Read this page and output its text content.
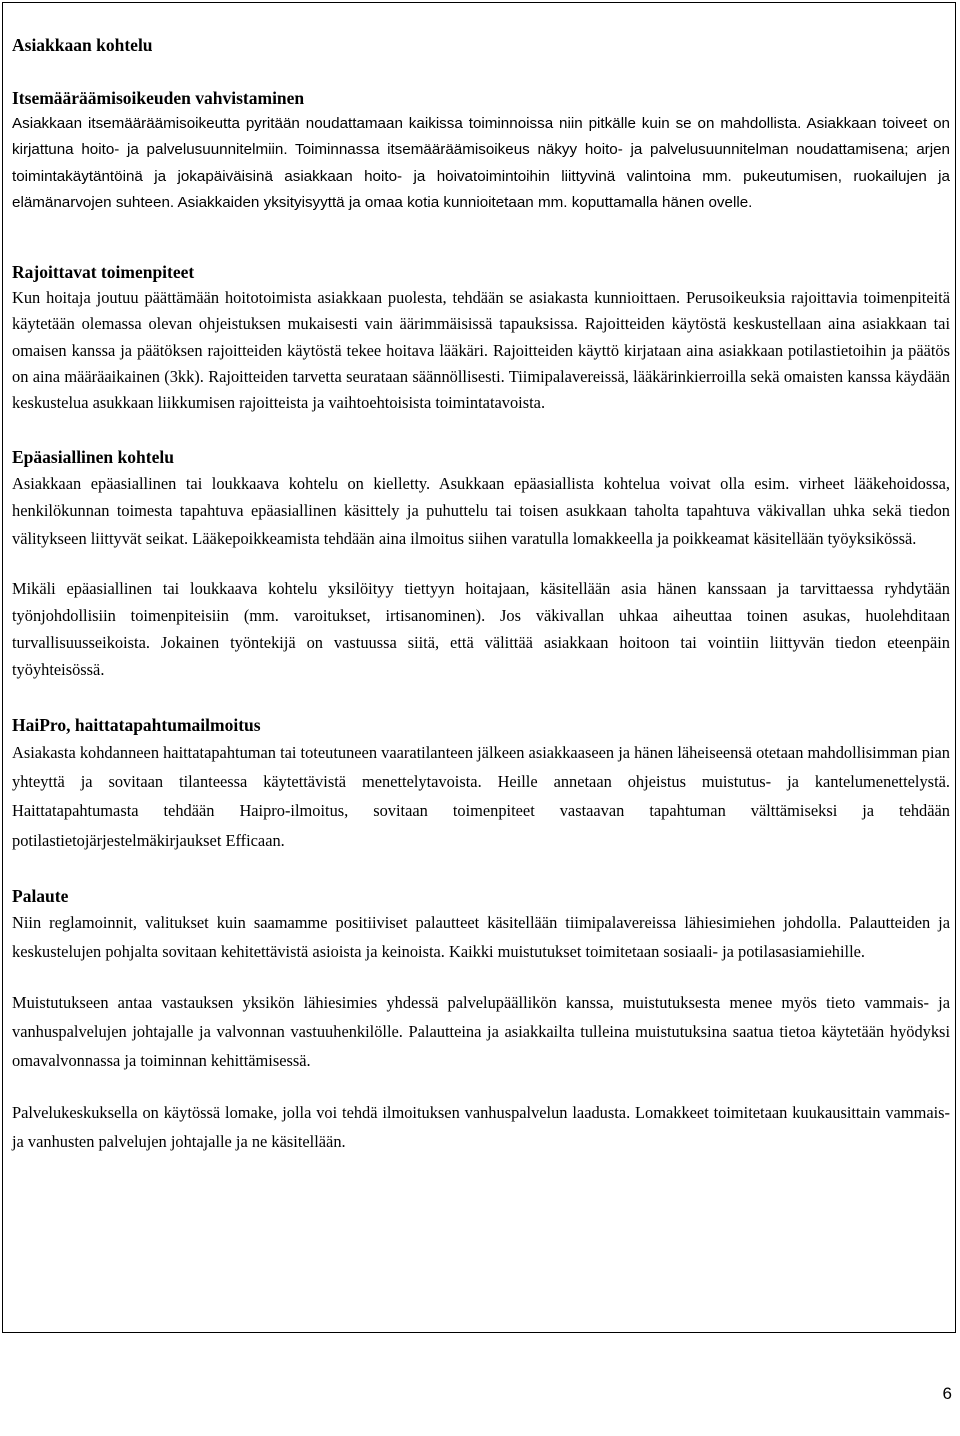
Asiakkaan kohtelu
Itsemääräämisoikeuden vahvistaminen

Asiakkaan itsemääräämisoikeutta pyritään noudattamaan kaikissa toiminnoissa niin pitkälle kuin se on mahdollista. Asiakkaan toiveet on kirjattuna hoito- ja palvelusuunnitelmiin. Toiminnassa itsemääräämisoikeus näkyy hoito- ja palvelusuunnitelman noudattamisena; arjen toimintakäytäntöinä ja jokapäiväisinä asiakkaan hoito- ja hoivatoimintoihin liittyvinä valintoina mm. pukeutumisen, ruokailujen ja elämänarvojen suhteen. Asiakkaiden yksityisyyttä ja omaa kotia kunnioitetaan mm. koputtamalla hänen ovelle.

Rajoittavat toimenpiteet

Kun hoitaja joutuu päättämään hoitotoimista asiakkaan puolesta, tehdään se asiakasta kunnioittaen. Perusoikeuksia rajoittavia toimenpiteitä käytetään olemassa olevan ohjeistuksen mukaisesti vain äärimmäisissä tapauksissa. Rajoitteiden käytöstä keskustellaan aina asiakkaan tai omaisen kanssa ja päätöksen rajoitteiden käytöstä tekee hoitava lääkäri. Rajoitteiden käyttö kirjataan aina asiakkaan potilastietoihin ja päätös on aina määräaikainen (3kk). Rajoitteiden tarvetta seurataan säännöllisesti. Tiimipalavereissä, lääkärinkierroilla sekä omaisten kanssa käydään keskustelua asukkaan liikkumisen rajoitteista ja vaihtoehtoisista toimintatavoista.

Epäasiallinen kohtelu

Asiakkaan epäasiallinen tai loukkaava kohtelu on kielletty. Asukkaan epäasiallista kohtelua voivat olla esim. virheet lääkehoidossa, henkilökunnan toimesta tapahtuva epäasiallinen käsittely ja puhuttelu tai toisen asukkaan taholta tapahtuva väkivallan uhka sekä tiedon välitykseen liittyvät seikat. Lääkepoikkeamista tehdään aina ilmoitus siihen varatulla lomakkeella ja poikkeamat käsitellään työyksikössä.

Mikäli epäasiallinen tai loukkaava kohtelu yksilöityy tiettyyn hoitajaan, käsitellään asia hänen kanssaan ja tarvittaessa ryhdytään työnjohdollisiin toimenpiteisiin (mm. varoitukset, irtisanominen). Jos väkivallan uhkaa aiheuttaa toinen asukas, huolehditaan turvallisuusseikoista. Jokainen työntekijä on vastuussa siitä, että välittää asiakkaan hoitoon tai vointiin liittyvän tiedon eteenpäin työyhteisössä.

HaiPro, haittatapahtumailmoitus

Asiakasta kohdanneen haittatapahtuman tai toteutuneen vaaratilanteen jälkeen asiakkaaseen ja hänen läheiseensä otetaan mahdollisimman pian yhteyttä ja sovitaan tilanteessa käytettävistä menettelytavoista. Heille annetaan ohjeistus muistutus- ja kantelumenettelystä. Haittatapahtumasta tehdään Haipro-ilmoitus, sovitaan toimenpiteet vastaavan tapahtuman välttämiseksi ja tehdään potilastietojärjestelmäkirjaukset Efficaan.

Palaute

Niin reglamoinnit, valitukset kuin saamamme positiiviset palautteet käsitellään tiimipalavereissa lähiesimiehen johdolla. Palautteiden ja keskustelujen pohjalta sovitaan kehitettävistä asioista ja keinoista. Kaikki muistutukset toimitetaan sosiaali- ja potilasasiamiehille.

Muistutukseen antaa vastauksen yksikön lähiesimies yhdessä palvelupäällikön kanssa, muistutuksesta menee myös tieto vammais- ja vanhuspalvelujen johtajalle ja valvonnan vastuuhenkilölle. Palautteina ja asiakkailta tulleina muistutuksina saatua tietoa käytetään hyödyksi omavalvonnassa ja toiminnan kehittämisessä.

Palvelukeskuksella on käytössä lomake, jolla voi tehdä ilmoituksen vanhuspalvelun laadusta. Lomakkeet toimitetaan kuukausittain vammais- ja vanhusten palvelujen johtajalle ja ne käsitellään.

6
